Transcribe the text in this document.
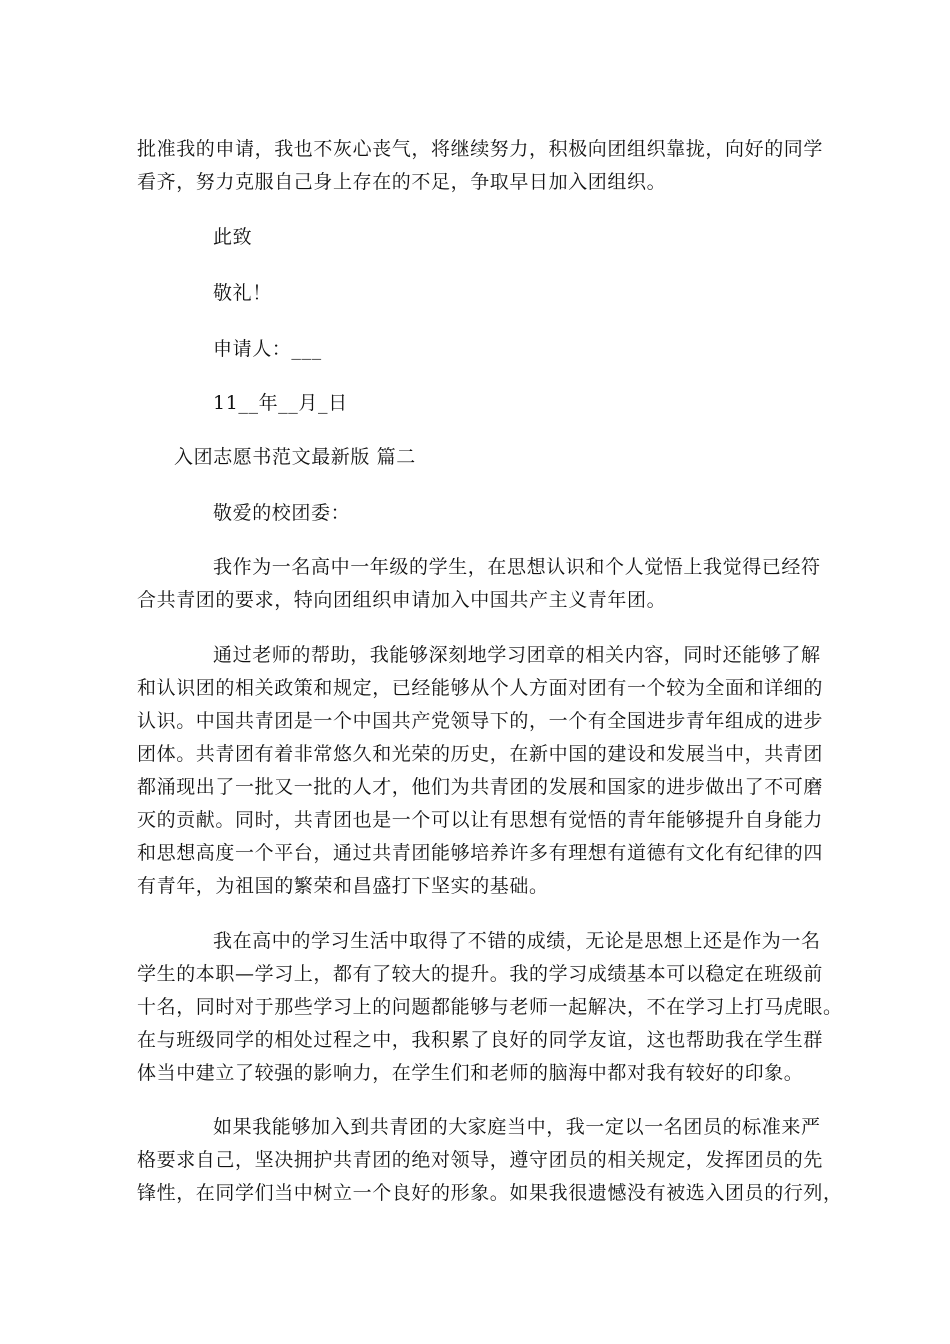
批准我的申请，我也不灰心丧气，将继续努力，积极向团组织靠拢，向好的同学
看齐，努力克服自己身上存在的不足，争取早日加入团组织。
此致
敬礼！
申请人：___
11__年__月_日
入团志愿书范文最新版 篇二
敬爱的校团委：
我作为一名高中一年级的学生，在思想认识和个人觉悟上我觉得已经符
合共青团的要求，特向团组织申请加入中国共产主义青年团。
通过老师的帮助，我能够深刻地学习团章的相关内容，同时还能够了解
和认识团的相关政策和规定，已经能够从个人方面对团有一个较为全面和详细的
认识。中国共青团是一个中国共产党领导下的，一个有全国进步青年组成的进步
团体。共青团有着非常悠久和光荣的历史，在新中国的建设和发展当中，共青团
都涌现出了一批又一批的人才，他们为共青团的发展和国家的进步做出了不可磨
灭的贡献。同时，共青团也是一个可以让有思想有觉悟的青年能够提升自身能力
和思想高度一个平台，通过共青团能够培养许多有理想有道德有文化有纪律的四
有青年，为祖国的繁荣和昌盛打下坚实的基础。
我在高中的学习生活中取得了不错的成绩，无论是思想上还是作为一名
学生的本职—学习上，都有了较大的提升。我的学习成绩基本可以稳定在班级前
十名，同时对于那些学习上的问题都能够与老师一起解决，不在学习上打马虎眼。
在与班级同学的相处过程之中，我积累了良好的同学友谊，这也帮助我在学生群
体当中建立了较强的影响力，在学生们和老师的脑海中都对我有较好的印象。
如果我能够加入到共青团的大家庭当中，我一定以一名团员的标准来严
格要求自己，坚决拥护共青团的绝对领导，遵守团员的相关规定，发挥团员的先
锋性，在同学们当中树立一个良好的形象。如果我很遗憾没有被选入团员的行列，
